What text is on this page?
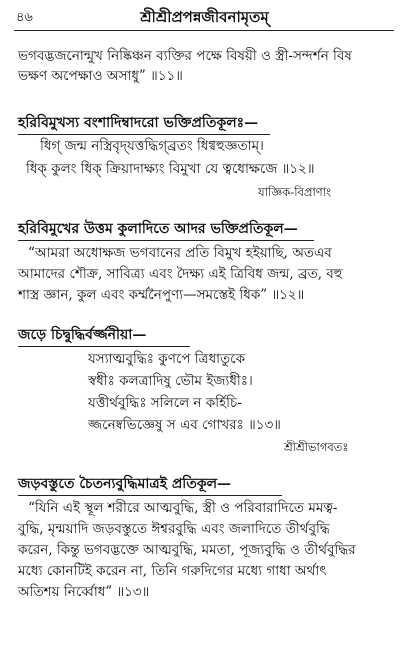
৪৬	শ্রীশ্রীপ্রপন্নজীবনামৃতম্
ভগবদ্ভজনোন্মুখ নিষ্কিঞ্চন ব্যক্তির পক্ষে বিষয়ী ও স্ত্রী-সন্দর্শন বিষ
ভক্ষণ অপেক্ষাও অসাধু” ॥১১॥
হরিবিমুখস্য বংশাদিম্বাদরো ভক্তিপ্রতিকূলঃ—
ধিগ্ জন্ম নস্ত্রিবৃদ্‌যত্তদ্ধিগ্‌ব্রতং ধিগ্বহুজ্ঞতাম্।
ধিক্ কুলং ধিক্ ক্রিয়াদাক্ষ্যং বিমুখা যে ত্বধোক্ষজে ॥১২॥
যাজ্ঞিক-বিপ্রাণাং
হরিবিমুখের উত্তম কুলাদিতে আদর ভক্তিপ্রতিকূল—
“আমরা অধোক্ষজ ভগবানের প্রতি বিমুখ হইয়াছি, অতএব
আমাদের শৌক্র, সাবিত্র্য এবং দৈক্ষ্য এই ত্রিবিধ জন্ম, ব্রত, বহু
শাস্ত্র জ্ঞান, কুল এবং কর্ম্মনৈপুণ্য—সমস্তেই ধিক” ॥১২॥
জড়ে চিদ্বুদ্ধির্বর্জ্জনীয়া—
যস্যাত্মবুদ্ধিঃ কুণপে ত্রিধাতুকে
স্বধীঃ কলত্রাদিষু ভৌম ইজ্যধীঃ।
যত্তীর্থবুদ্ধিঃ সলিলে ন কর্হিচি-
জ্জনেষ্বভিজ্ঞেষু স এব গোখরঃ ॥১৩॥
শ্রীশ্রীভাগবতঃ
জড়বস্তুতে চৈতন্যবুদ্ধিমাত্রই প্রতিকূল—
“যিনি এই স্থূল শরীরে আত্মবুদ্ধি, স্ত্রী ও পরিবারাদিতে মমত্ব-
বুদ্ধি, মৃন্ময়াদি জড়বস্তুতে ঈশ্বরবুদ্ধি এবং জলাদিতে তীর্থবুদ্ধি
করেন, কিন্তু ভগবদ্ভক্তে আত্মবুদ্ধি, মমতা, পূজ্যবুদ্ধি ও তীর্থবুদ্ধির
মধ্যে কোনটিই করেন না, তিনি গরুদিগের মধ্যে গাধা অর্থাৎ
অতিশয় নির্ব্বোধ” ॥১৩॥
